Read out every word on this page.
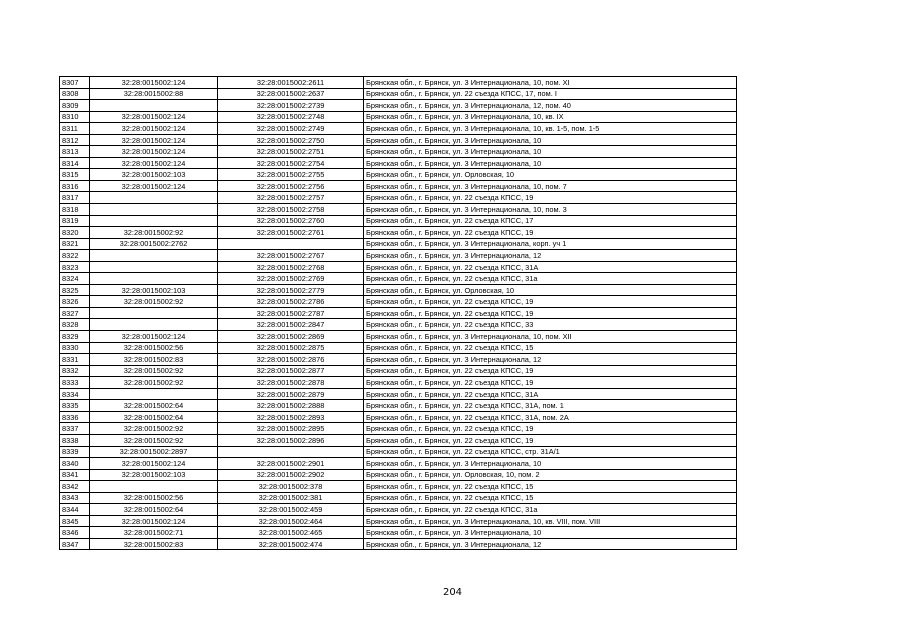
8307	32:28:0015002:124	32:28:0015002:2611	Брянская обл., г. Брянск, ул. 3 Интернационала, 10, пом. XI
8308	32:28:0015002:88	32:28:0015002:2637	Брянская обл., г. Брянск, ул. 22 съезда КПСС, 17, пом. I
8309		32:28:0015002:2739	Брянская обл., г. Брянск, ул. 3 Интернационала, 12, пом. 40
8310	32:28:0015002:124	32:28:0015002:2748	Брянская обл., г. Брянск, ул. 3 Интернационала, 10, кв. IX
8311	32:28:0015002:124	32:28:0015002:2749	Брянская обл., г. Брянск, ул. 3 Интернационала, 10, кв. 1-5, пом. 1-5
8312	32:28:0015002:124	32:28:0015002:2750	Брянская обл., г. Брянск, ул. 3 Интернационала, 10
8313	32:28:0015002:124	32:28:0015002:2751	Брянская обл., г. Брянск, ул. 3 Интернационала, 10
8314	32:28:0015002:124	32:28:0015002:2754	Брянская обл., г. Брянск, ул. 3 Интернационала, 10
8315	32:28:0015002:103	32:28:0015002:2755	Брянская обл., г. Брянск, ул. Орловская, 10
8316	32:28:0015002:124	32:28:0015002:2756	Брянская обл., г. Брянск, ул. 3 Интернационала, 10, пом. 7
8317		32:28:0015002:2757	Брянская обл., г. Брянск, ул. 22 съезда КПСС, 19
8318		32:28:0015002:2758	Брянская обл., г. Брянск, ул. 3 Интернационала, 10, пом. 3
8319		32:28:0015002:2760	Брянская обл., г. Брянск, ул. 22 съезда КПСС, 17
8320	32:28:0015002:92	32:28:0015002:2761	Брянская обл., г. Брянск, ул. 22 съезда КПСС, 19
8321	32:28:0015002:2762		Брянская обл., г. Брянск, ул. 3 Интернационала, корп. уч 1
8322		32:28:0015002:2767	Брянская обл., г. Брянск, ул. 3 Интернационала, 12
8323		32:28:0015002:2768	Брянская обл., г. Брянск, ул. 22 съезда КПСС, 31А
8324		32:28:0015002:2769	Брянская обл., г. Брянск, ул. 22 съезда КПСС, 31а
8325	32:28:0015002:103	32:28:0015002:2779	Брянская обл., г. Брянск, ул. Орловская, 10
8326	32:28:0015002:92	32:28:0015002:2786	Брянская обл., г. Брянск, ул. 22 съезда КПСС, 19
8327		32:28:0015002:2787	Брянская обл., г. Брянск, ул. 22 съезда КПСС, 19
8328		32:28:0015002:2847	Брянская обл., г. Брянск, ул. 22 съезда КПСС, 33
8329	32:28:0015002:124	32:28:0015002:2869	Брянская обл., г. Брянск, ул. 3 Интернационала, 10, пом. XII
8330	32:28:0015002:56	32:28:0015002:2875	Брянская обл., г. Брянск, ул. 22 съезда КПСС, 15
8331	32:28:0015002:83	32:28:0015002:2876	Брянская обл., г. Брянск, ул. 3 Интернационала, 12
8332	32:28:0015002:92	32:28:0015002:2877	Брянская обл., г. Брянск, ул. 22 съезда КПСС, 19
8333	32:28:0015002:92	32:28:0015002:2878	Брянская обл., г. Брянск, ул. 22 съезда КПСС, 19
8334		32:28:0015002:2879	Брянская обл., г. Брянск, ул. 22 съезда КПСС, 31А
8335	32:28:0015002:64	32:28:0015002:2888	Брянская обл., г. Брянск, ул. 22 съезда КПСС, 31А, пом. 1
8336	32:28:0015002:64	32:28:0015002:2893	Брянская обл., г. Брянск, ул. 22 съезда КПСС, 31А, пом. 2А
8337	32:28:0015002:92	32:28:0015002:2895	Брянская обл., г. Брянск, ул. 22 съезда КПСС, 19
8338	32:28:0015002:92	32:28:0015002:2896	Брянская обл., г. Брянск, ул. 22 съезда КПСС, 19
8339	32:28:0015002:2897		Брянская обл., г. Брянск, ул. 22 съезда КПСС, стр. 31А/1
8340	32:28:0015002:124	32:28:0015002:2901	Брянская обл., г. Брянск, ул. 3 Интернационала, 10
8341	32:28:0015002:103	32:28:0015002:2902	Брянская обл., г. Брянск, ул. Орловская, 10, пом. 2
8342		32:28:0015002:378	Брянская обл., г. Брянск, ул. 22 съезда КПСС, 15
8343	32:28:0015002:56	32:28:0015002:381	Брянская обл., г. Брянск, ул. 22 съезда КПСС, 15
8344	32:28:0015002:64	32:28:0015002:459	Брянская обл., г. Брянск, ул. 22 съезда КПСС, 31а
8345	32:28:0015002:124	32:28:0015002:464	Брянская обл., г. Брянск, ул. 3 Интернационала, 10, кв. VIII, пом. VIII
8346	32:28:0015002:71	32:28:0015002:465	Брянская обл., г. Брянск, ул. 3 Интернационала, 10
8347	32:28:0015002:83	32:28:0015002:474	Брянская обл., г. Брянск, ул. 3 Интернационала, 12
204
